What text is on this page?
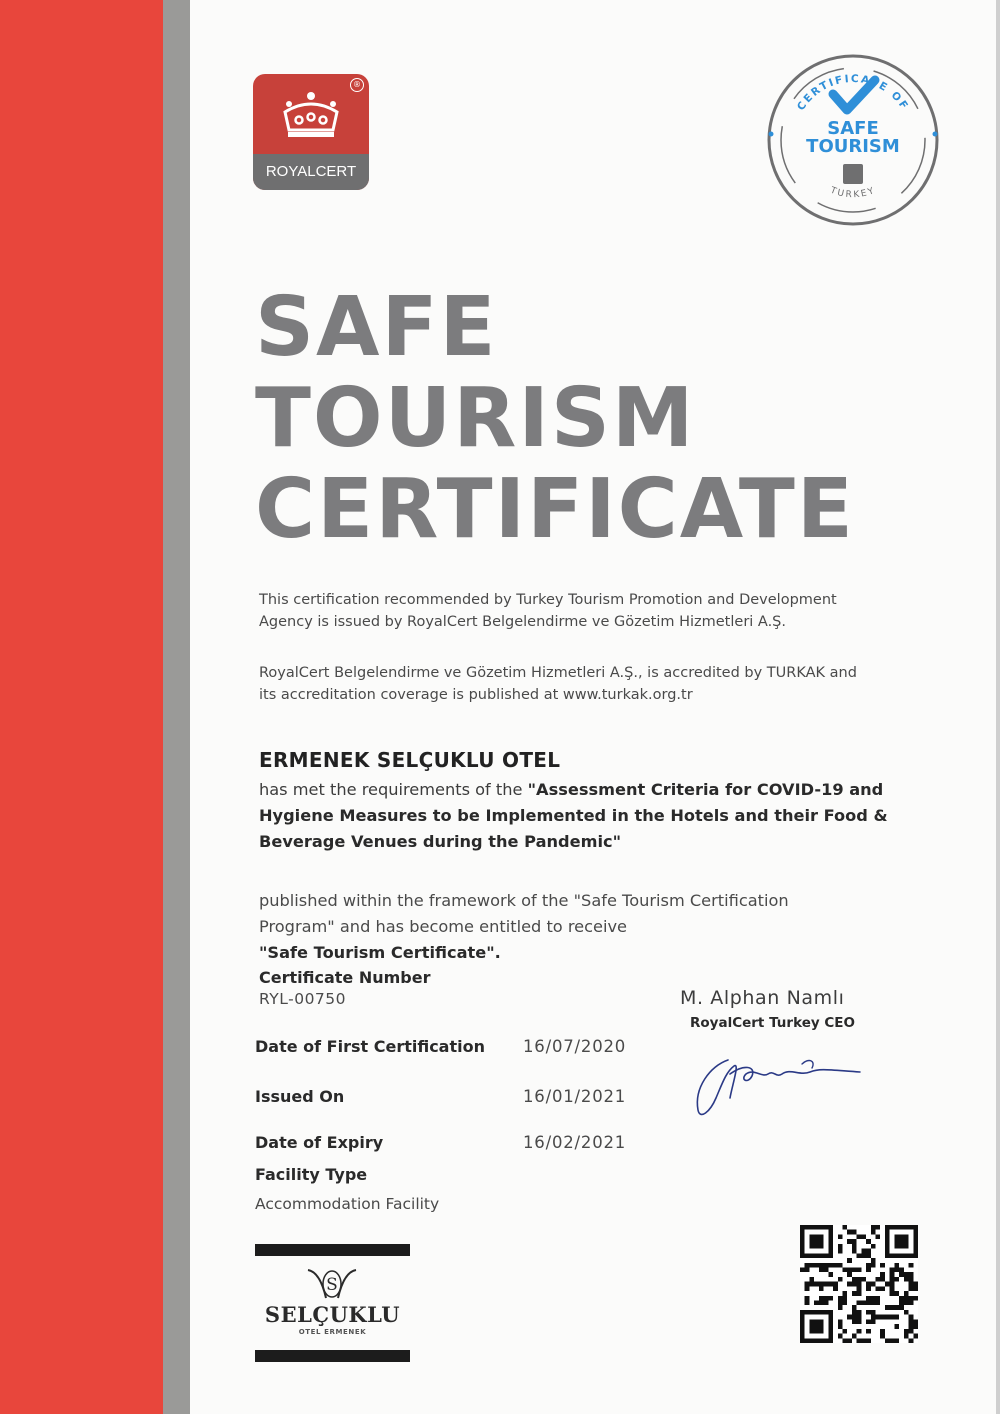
®
ROYALCERT
CERTIFICATE OF
SAFE
TOURISM
TURKEY
SAFE
TOURISM
CERTIFICATE

This certification recommended by Turkey Tourism Promotion and Development Agency is issued by RoyalCert Belgelendirme ve Gözetim Hizmetleri A.Ş.

RoyalCert Belgelendirme ve Gözetim Hizmetleri A.Ş., is accredited by TURKAK and its accreditation coverage is published at www.turkak.org.tr

ERMENEK SELÇUKLU OTEL

has met the requirements of the "Assessment Criteria for COVID-19 and Hygiene Measures to be Implemented in the Hotels and their Food & Beverage Venues during the Pandemic"

published within the framework of the "Safe Tourism Certification Program" and has become entitled to receive
"Safe Tourism Certificate".

Certificate Number
RYL-00750
Date of First Certification 16/07/2020
Issued On	16/01/2021
Date of Expiry	16/02/2021
Facility Type
Accommodation Facility
M. Alphan Namlı
RoyalCert Turkey CEO
S
SELÇUKLU
OTEL ERMENEK
